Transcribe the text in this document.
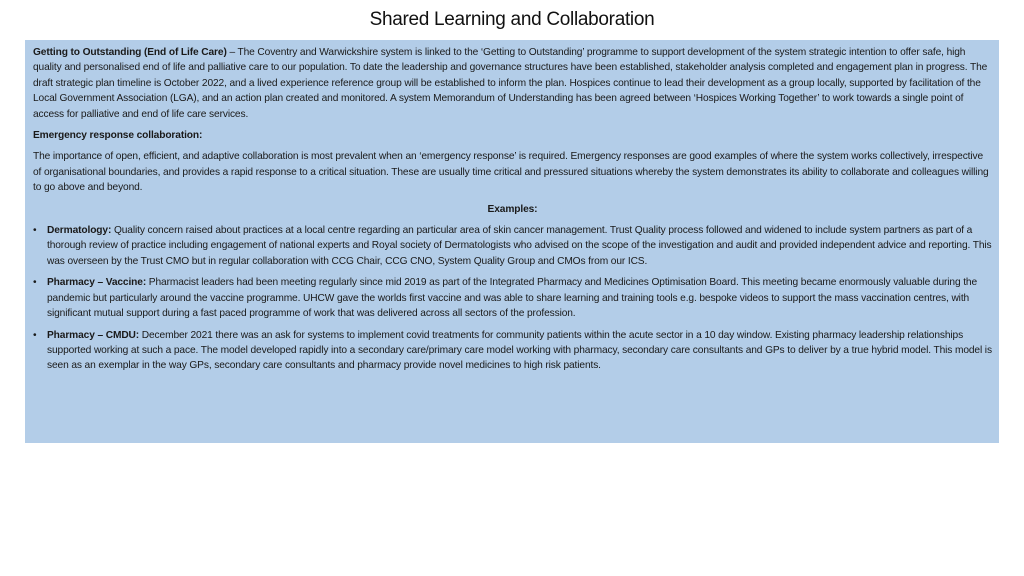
Shared Learning and Collaboration

Getting to Outstanding (End of Life Care) – The Coventry and Warwickshire system is linked to the ‘Getting to Outstanding’ programme to support development of the system strategic intention to offer safe, high quality and personalised end of life and palliative care to our population. To date the leadership and governance structures have been established, stakeholder analysis completed and engagement plan in progress. The draft strategic plan timeline is October 2022, and a lived experience reference group will be established to inform the plan. Hospices continue to lead their development as a group locally, supported by facilitation of the Local Government Association (LGA), and an action plan created and monitored. A system Memorandum of Understanding has been agreed between ‘Hospices Working Together’ to work towards a single point of access for palliative and end of life care services.

Emergency response collaboration:

The importance of open, efficient, and adaptive collaboration is most prevalent when an ‘emergency response’ is required. Emergency responses are good examples of where the system works collectively, irrespective of organisational boundaries, and provides a rapid response to a critical situation. These are usually time critical and pressured situations whereby the system demonstrates its ability to collaborate and colleagues willing to go above and beyond.

Examples:

• Dermatology: Quality concern raised about practices at a local centre regarding an particular area of skin cancer management. Trust Quality process followed and widened to include system partners as part of a thorough review of practice including engagement of national experts and Royal society of Dermatologists who advised on the scope of the investigation and audit and provided independent advice and reporting. This was overseen by the Trust CMO but in regular collaboration with CCG Chair, CCG CNO, System Quality Group and CMOs from our ICS.
• Pharmacy – Vaccine: Pharmacist leaders had been meeting regularly since mid 2019 as part of the Integrated Pharmacy and Medicines Optimisation Board. This meeting became enormously valuable during the pandemic but particularly around the vaccine programme. UHCW gave the worlds first vaccine and was able to share learning and training tools e.g. bespoke videos to support the mass vaccination centres, with significant mutual support during a fast paced programme of work that was delivered across all sectors of the profession.
• Pharmacy – CMDU: December 2021 there was an ask for systems to implement covid treatments for community patients within the acute sector in a 10 day window. Existing pharmacy leadership relationships supported working at such a pace. The model developed rapidly into a secondary care/primary care model working with pharmacy, secondary care consultants and GPs to deliver by a true hybrid model. This model is seen as an exemplar in the way GPs, secondary care consultants and pharmacy provide novel medicines to high risk patients.
